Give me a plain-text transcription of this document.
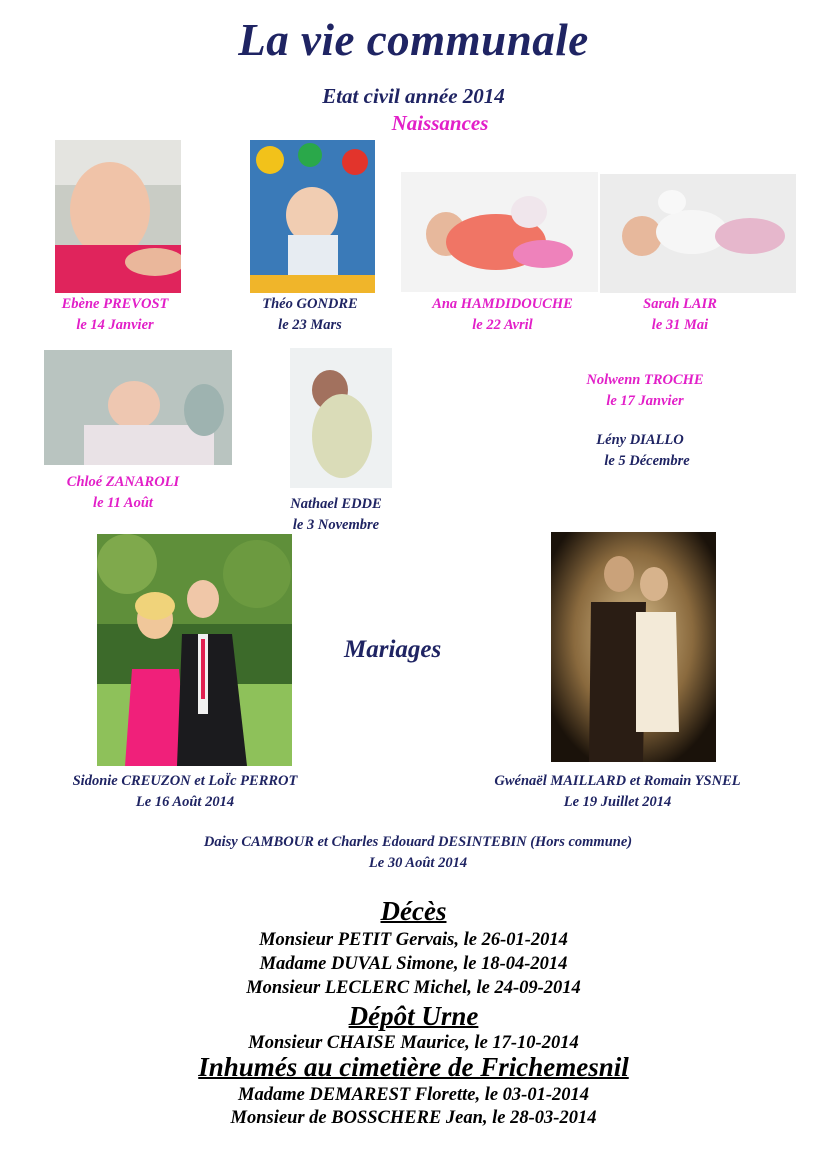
La vie communale
Etat civil année 2014
Naissances
Ebène PREVOST
le 14 Janvier
Théo GONDRE
le 23 Mars
Ana HAMDIDOUCHE
le 22 Avril
Sarah LAIR
le 31 Mai
Chloé ZANAROLI
le 11 Août	Nathael EDDE
le 3 Novembre
Nolwenn TROCHE
le 17 Janvier
Lény DIALLO
le 5 Décembre
Mariages
Sidonie CREUZON et LoÏc PERROT
Le 16 Août 2014
Gwénaël MAILLARD et Romain YSNEL
Le 19 Juillet 2014
Daisy CAMBOUR et Charles Edouard DESINTEBIN (Hors commune)
Le 30 Août 2014
Décès
Monsieur PETIT Gervais, le 26-01-2014
Madame DUVAL Simone, le 18-04-2014
Monsieur LECLERC Michel, le 24-09-2014
Dépôt Urne
Monsieur CHAISE Maurice, le 17-10-2014
Inhumés au cimetière de Frichemesnil
Madame DEMAREST Florette, le 03-01-2014
Monsieur de BOSSCHERE Jean, le 28-03-2014
